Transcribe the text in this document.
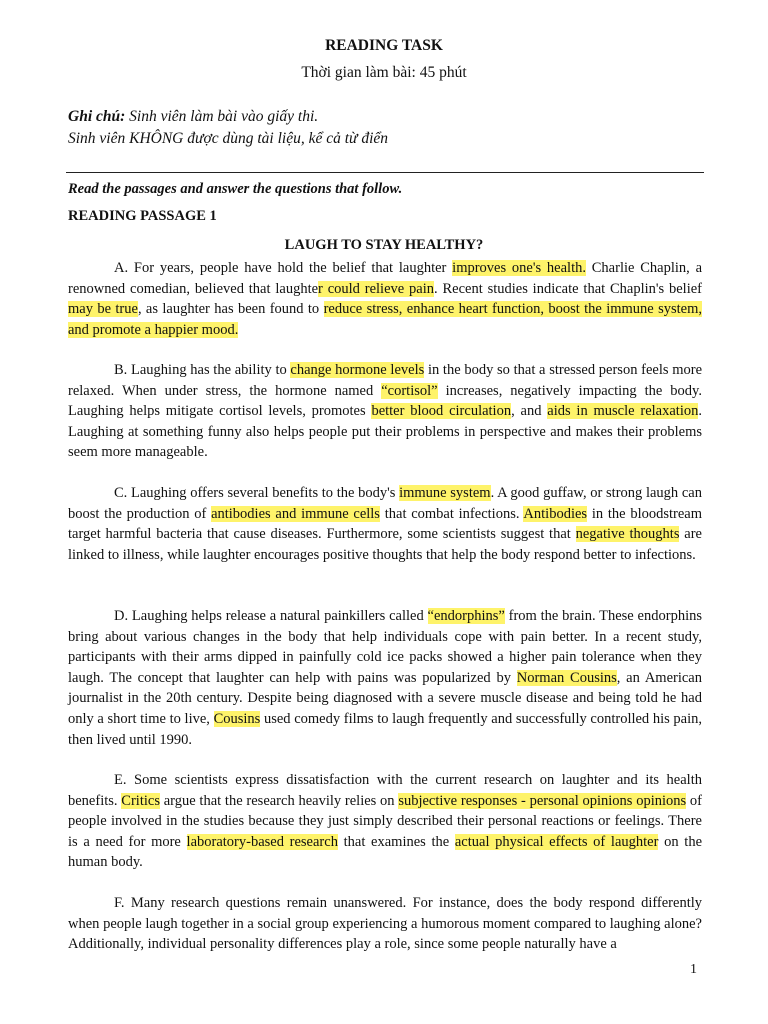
READING TASK
Thời gian làm bài: 45 phút
Ghi chú: Sinh viên làm bài vào giấy thi.
Sinh viên KHÔNG được dùng tài liệu, kể cả từ điển
Read the passages and answer the questions that follow.
READING PASSAGE 1
LAUGH TO STAY HEALTHY?

A. For years, people have hold the belief that laughter improves one's health. Charlie Chaplin, a renowned comedian, believed that laughter could relieve pain. Recent studies indicate that Chaplin's belief may be true, as laughter has been found to reduce stress, enhance heart function, boost the immune system, and promote a happier mood.

B. Laughing has the ability to change hormone levels in the body so that a stressed person feels more relaxed. When under stress, the hormone named “cortisol” increases, negatively impacting the body. Laughing helps mitigate cortisol levels, promotes better blood circulation, and aids in muscle relaxation. Laughing at something funny also helps people put their problems in perspective and makes their problems seem more manageable.

C. Laughing offers several benefits to the body's immune system. A good guffaw, or strong laugh can boost the production of antibodies and immune cells that combat infections. Antibodies in the bloodstream target harmful bacteria that cause diseases. Furthermore, some scientists suggest that negative thoughts are linked to illness, while laughter encourages positive thoughts that help the body respond better to infections.

D. Laughing helps release a natural painkillers called “endorphins” from the brain. These endorphins bring about various changes in the body that help individuals cope with pain better. In a recent study, participants with their arms dipped in painfully cold ice packs showed a higher pain tolerance when they laugh. The concept that laughter can help with pains was popularized by Norman Cousins, an American journalist in the 20th century. Despite being diagnosed with a severe muscle disease and being told he had only a short time to live, Cousins used comedy films to laugh frequently and successfully controlled his pain, then lived until 1990.

E. Some scientists express dissatisfaction with the current research on laughter and its health benefits. Critics argue that the research heavily relies on subjective responses - personal opinions opinions of people involved in the studies because they just simply described their personal reactions or feelings. There is a need for more laboratory-based research that examines the actual physical effects of laughter on the human body.

F. Many research questions remain unanswered. For instance, does the body respond differently when people laugh together in a social group experiencing a humorous moment compared to laughing alone? Additionally, individual personality differences play a role, since some people naturally have a

1
